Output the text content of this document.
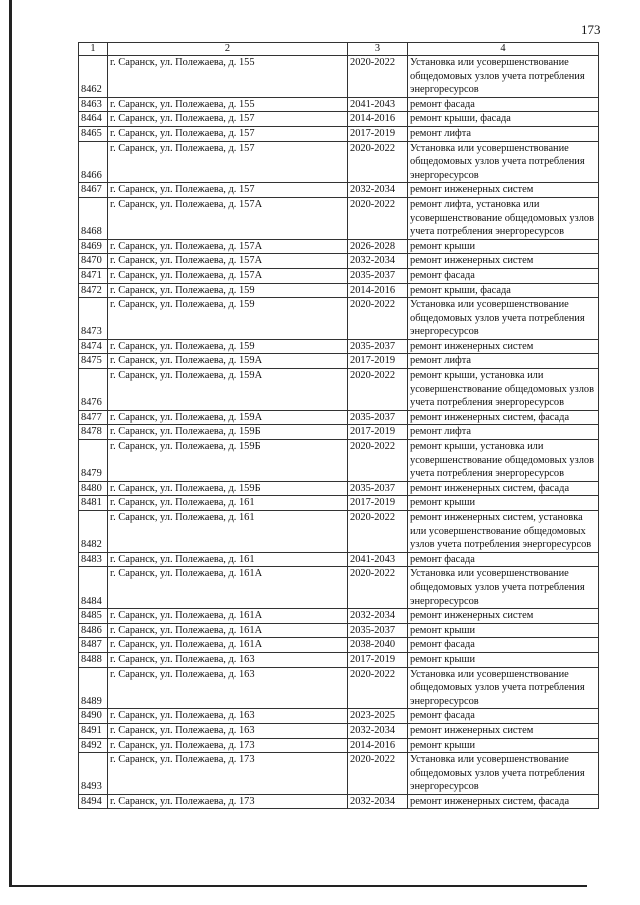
173
1	2	3	4
8462	г. Саранск, ул. Полежаева, д. 155	2020-2022	Установка или усовершенствование общедомовых узлов учета потребления энергоресурсов
8463	г. Саранск, ул. Полежаева, д. 155	2041-2043	ремонт фасада
8464	г. Саранск, ул. Полежаева, д. 157	2014-2016	ремонт крыши, фасада
8465	г. Саранск, ул. Полежаева, д. 157	2017-2019	ремонт лифта
8466	г. Саранск, ул. Полежаева, д. 157	2020-2022	Установка или усовершенствование общедомовых узлов учета потребления энергоресурсов
8467	г. Саранск, ул. Полежаева, д. 157	2032-2034	ремонт инженерных систем
8468	г. Саранск, ул. Полежаева, д. 157А	2020-2022	ремонт лифта, установка или усовершенствование общедомовых узлов учета потребления энергоресурсов
8469	г. Саранск, ул. Полежаева, д. 157А	2026-2028	ремонт крыши
8470	г. Саранск, ул. Полежаева, д. 157А	2032-2034	ремонт инженерных систем
8471	г. Саранск, ул. Полежаева, д. 157А	2035-2037	ремонт фасада
8472	г. Саранск, ул. Полежаева, д. 159	2014-2016	ремонт крыши, фасада
8473	г. Саранск, ул. Полежаева, д. 159	2020-2022	Установка или усовершенствование общедомовых узлов учета потребления энергоресурсов
8474	г. Саранск, ул. Полежаева, д. 159	2035-2037	ремонт инженерных систем
8475	г. Саранск, ул. Полежаева, д. 159А	2017-2019	ремонт лифта
8476	г. Саранск, ул. Полежаева, д. 159А	2020-2022	ремонт крыши, установка или усовершенствование общедомовых узлов учета потребления энергоресурсов
8477	г. Саранск, ул. Полежаева, д. 159А	2035-2037	ремонт инженерных систем, фасада
8478	г. Саранск, ул. Полежаева, д. 159Б	2017-2019	ремонт лифта
8479	г. Саранск, ул. Полежаева, д. 159Б	2020-2022	ремонт крыши, установка или усовершенствование общедомовых узлов учета потребления энергоресурсов
8480	г. Саранск, ул. Полежаева, д. 159Б	2035-2037	ремонт инженерных систем, фасада
8481	г. Саранск, ул. Полежаева, д. 161	2017-2019	ремонт крыши
8482	г. Саранск, ул. Полежаева, д. 161	2020-2022	ремонт инженерных систем, установка или усовершенствование общедомовых узлов учета потребления энергоресурсов
8483	г. Саранск, ул. Полежаева, д. 161	2041-2043	ремонт фасада
8484	г. Саранск, ул. Полежаева, д. 161А	2020-2022	Установка или усовершенствование общедомовых узлов учета потребления энергоресурсов
8485	г. Саранск, ул. Полежаева, д. 161А	2032-2034	ремонт инженерных систем
8486	г. Саранск, ул. Полежаева, д. 161А	2035-2037	ремонт крыши
8487	г. Саранск, ул. Полежаева, д. 161А	2038-2040	ремонт фасада
8488	г. Саранск, ул. Полежаева, д. 163	2017-2019	ремонт крыши
8489	г. Саранск, ул. Полежаева, д. 163	2020-2022	Установка или усовершенствование общедомовых узлов учета потребления энергоресурсов
8490	г. Саранск, ул. Полежаева, д. 163	2023-2025	ремонт фасада
8491	г. Саранск, ул. Полежаева, д. 163	2032-2034	ремонт инженерных систем
8492	г. Саранск, ул. Полежаева, д. 173	2014-2016	ремонт крыши
8493	г. Саранск, ул. Полежаева, д. 173	2020-2022	Установка или усовершенствование общедомовых узлов учета потребления энергоресурсов
8494	г. Саранск, ул. Полежаева, д. 173	2032-2034	ремонт инженерных систем, фасада
